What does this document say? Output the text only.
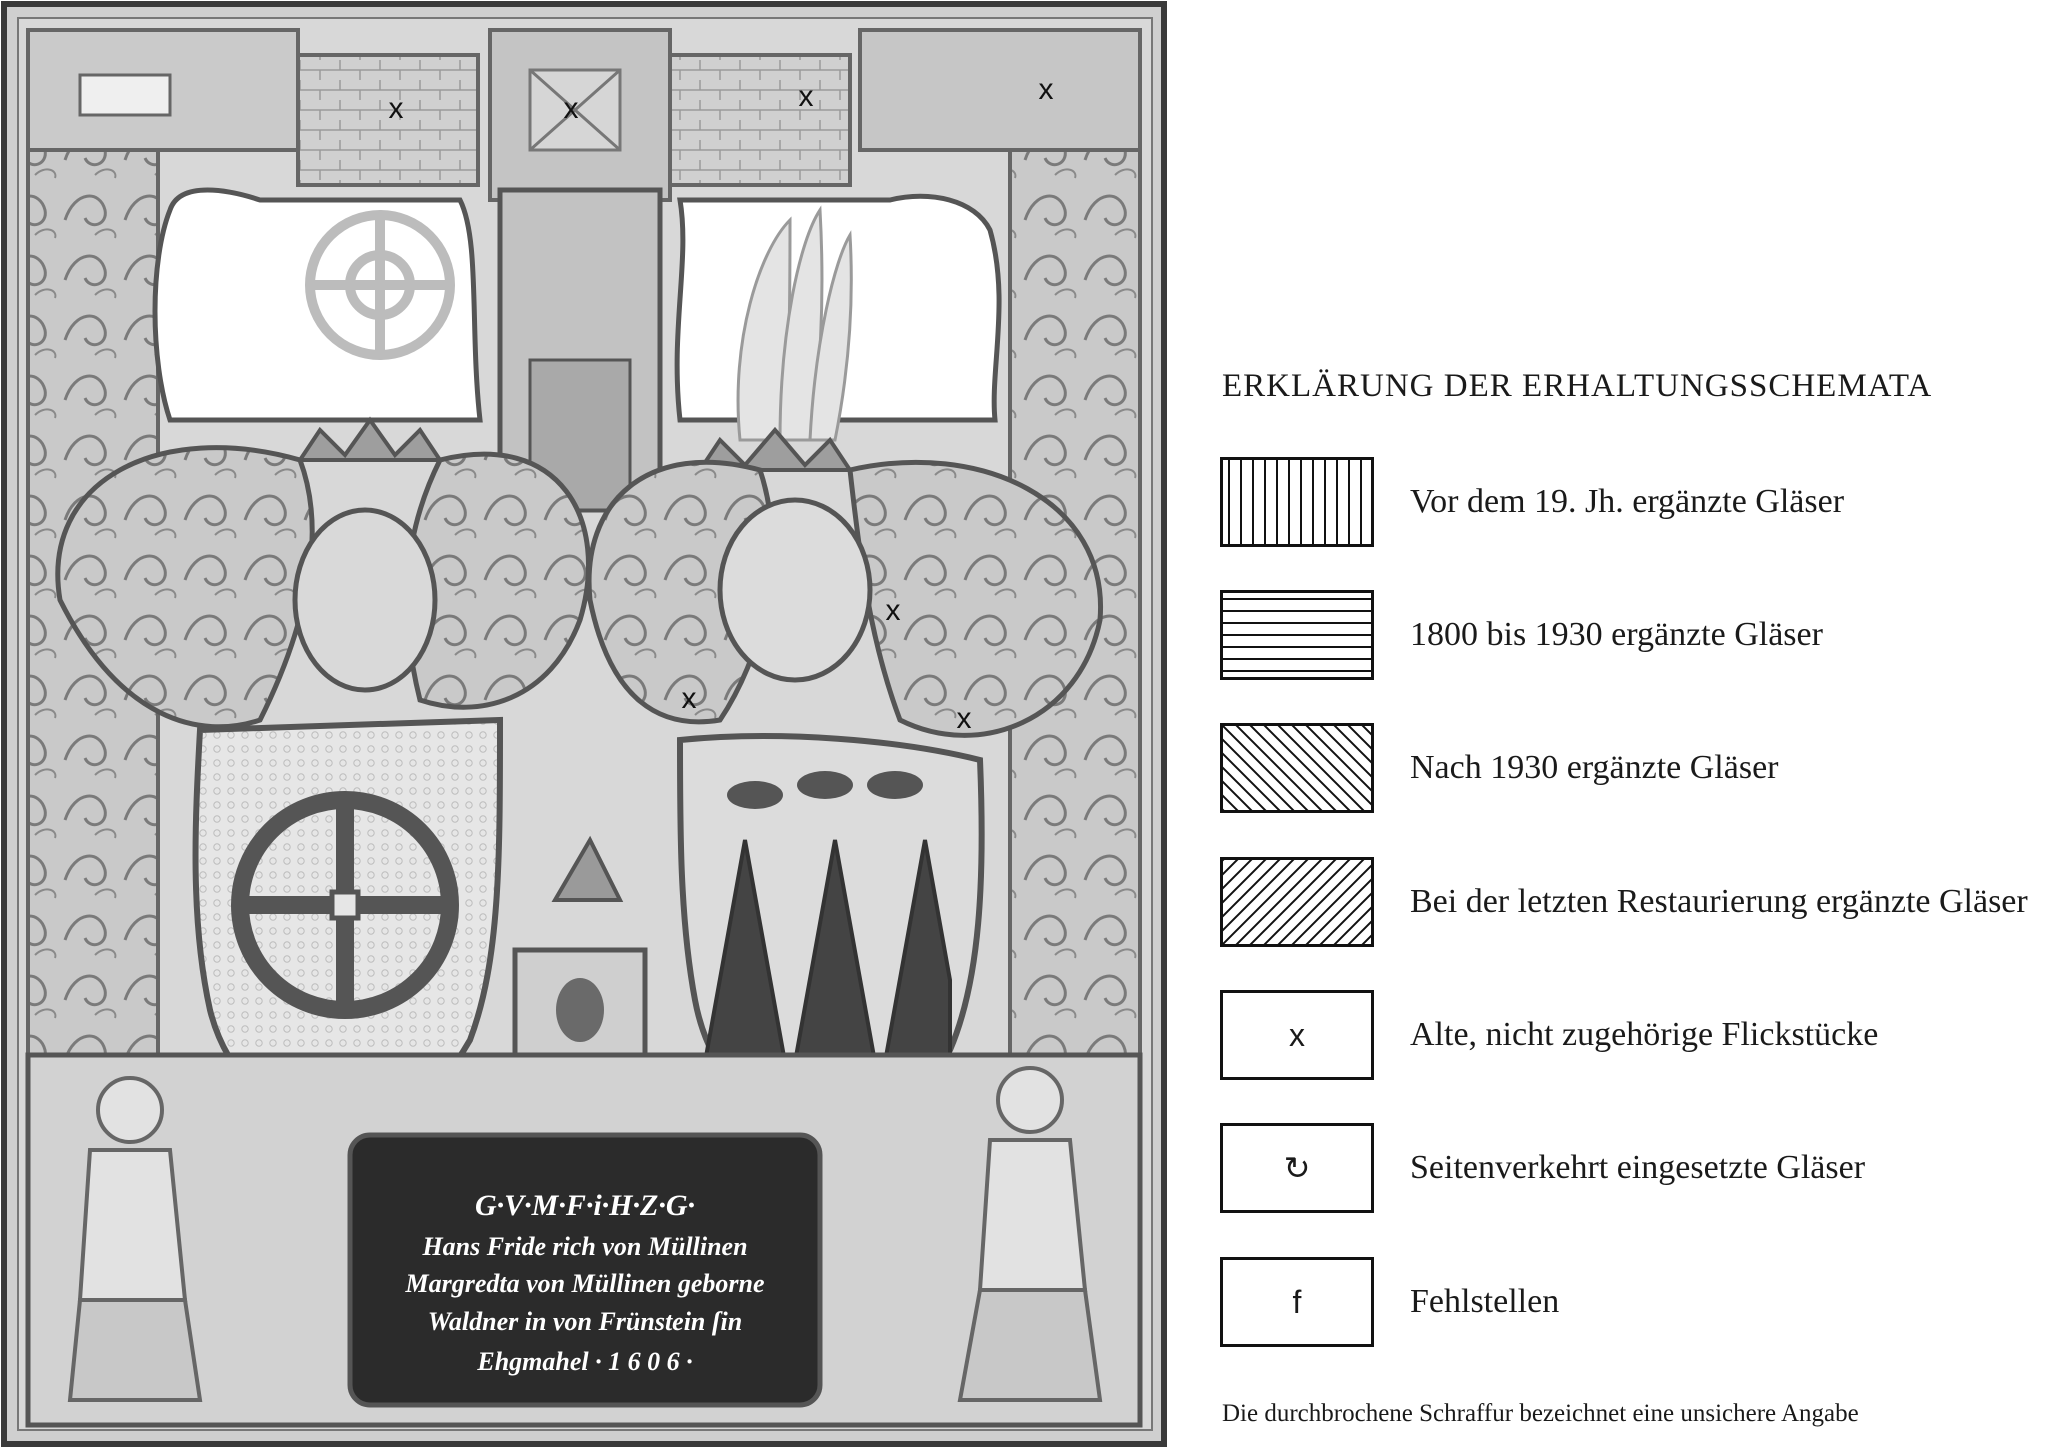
G·V·M·F·i·H·Z·G·
Hans Fride rich von Müllinen
Margredta von Müllinen geborne
Waldner in von Frünstein ſin
Ehgmahel · 1 6 0 6 ·
x	x	x	x
x
x
x
ERKLÄRUNG DER ERHALTUNGSSCHEMATA
Vor dem 19. Jh. ergänzte Gläser
1800 bis 1930 ergänzte Gläser
Nach 1930 ergänzte Gläser
Bei der letzten Restaurierung ergänzte Gläser
x	Alte, nicht zugehörige Flickstücke
↻	Seitenverkehrt eingesetzte Gläser
f	Fehlstellen
Die durchbrochene Schraffur bezeichnet eine unsichere Angabe
